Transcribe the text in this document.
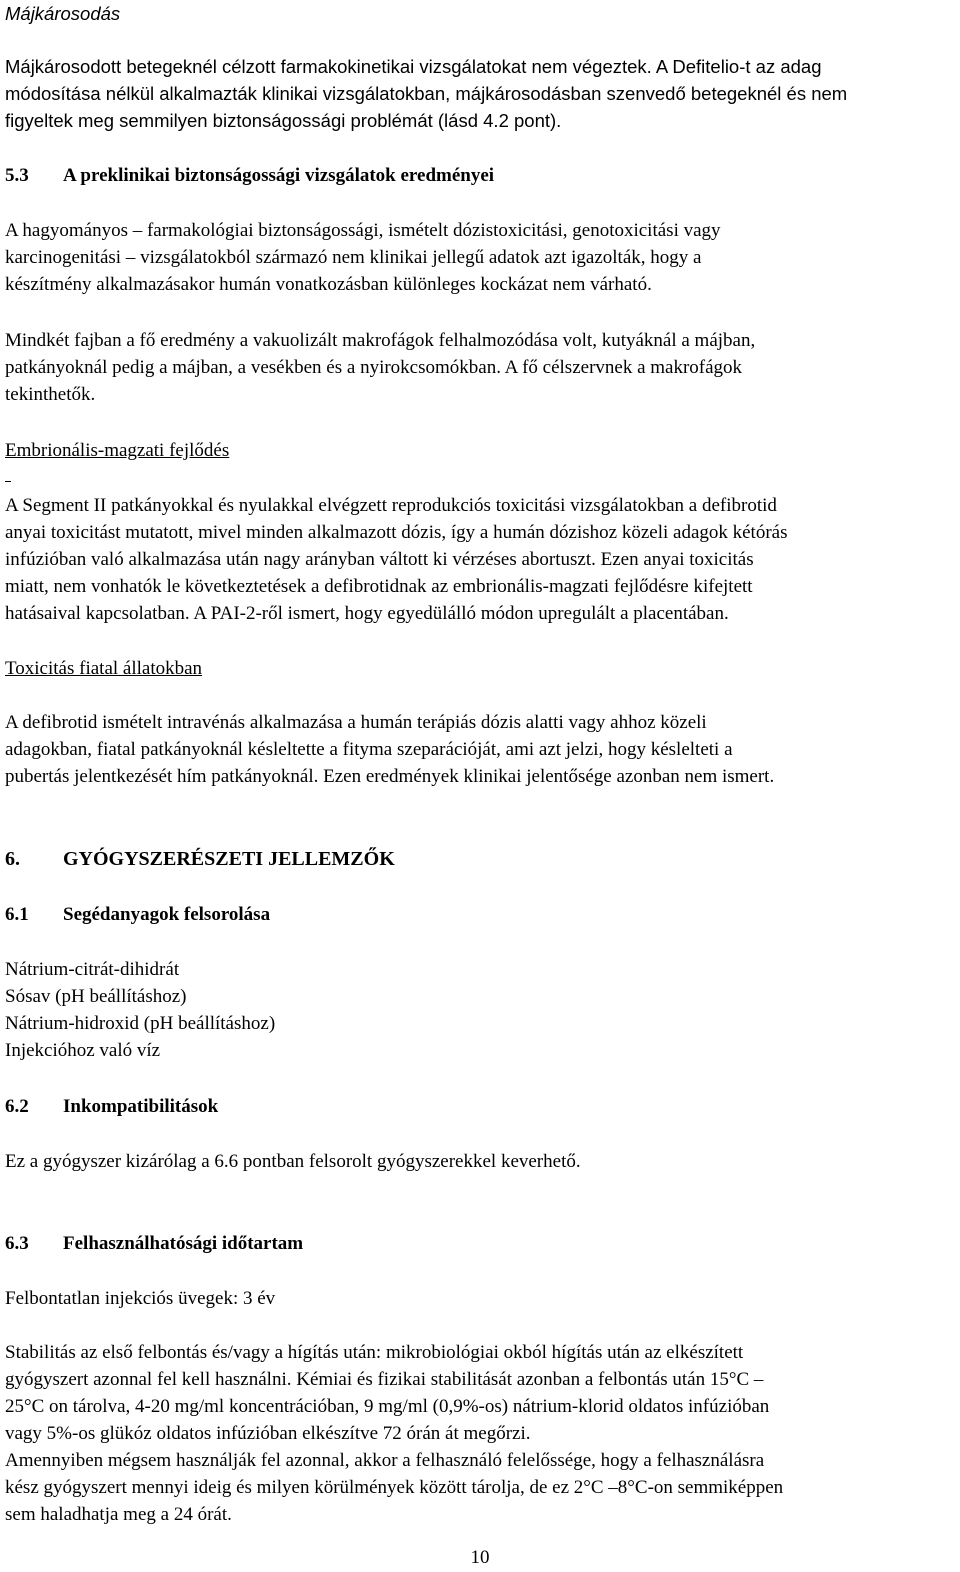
Májkárosodás
Májkárosodott betegeknél célzott farmakokinetikai vizsgálatokat nem végeztek. A Defitelio-t az adag
módosítása nélkül alkalmazták klinikai vizsgálatokban, májkárosodásban szenvedő betegeknél és nem
figyeltek meg semmilyen biztonságossági problémát (lásd 4.2 pont).
5.3 A preklinikai biztonságossági vizsgálatok eredményei
A hagyományos – farmakológiai biztonságossági, ismételt dózistoxicitási, genotoxicitási vagy
karcinogenitási – vizsgálatokból származó nem klinikai jellegű adatok azt igazolták, hogy a
készítmény alkalmazásakor humán vonatkozásban különleges kockázat nem várható.
Mindkét fajban a fő eredmény a vakuolizált makrofágok felhalmozódása volt, kutyáknál a májban,
patkányoknál pedig a májban, a vesékben és a nyirokcsomókban. A fő célszervnek a makrofágok
tekinthetők.
Embrionális-magzati fejlődés
A Segment II patkányokkal és nyulakkal elvégzett reprodukciós toxicitási vizsgálatokban a defibrotid
anyai toxicitást mutatott, mivel minden alkalmazott dózis, így a humán dózishoz közeli adagok kétórás
infúzióban való alkalmazása után nagy arányban váltott ki vérzéses abortuszt. Ezen anyai toxicitás
miatt, nem vonhatók le következtetések a defibrotidnak az embrionális-magzati fejlődésre kifejtett
hatásaival kapcsolatban. A PAI-2-ről ismert, hogy egyedülálló módon upregulált a placentában.
Toxicitás fiatal állatokban
A defibrotid ismételt intravénás alkalmazása a humán terápiás dózis alatti vagy ahhoz közeli
adagokban, fiatal patkányoknál késleltette a fityma szeparációját, ami azt jelzi, hogy késlelteti a
pubertás jelentkezését hím patkányoknál. Ezen eredmények klinikai jelentősége azonban nem ismert.
6. GYÓGYSZERÉSZETI JELLEMZŐK
6.1 Segédanyagok felsorolása
Nátrium-citrát-dihidrát
Sósav (pH beállításhoz)
Nátrium-hidroxid (pH beállításhoz)
Injekcióhoz való víz
6.2 Inkompatibilitások
Ez a gyógyszer kizárólag a 6.6 pontban felsorolt gyógyszerekkel keverhető.
6.3 Felhasználhatósági időtartam
Felbontatlan injekciós üvegek: 3 év
Stabilitás az első felbontás és/vagy a hígítás után: mikrobiológiai okból hígítás után az elkészített
gyógyszert azonnal fel kell használni. Kémiai és fizikai stabilitását azonban a felbontás után 15°C –
25°C on tárolva, 4-20 mg/ml koncentrációban, 9 mg/ml (0,9%-os) nátrium-klorid oldatos infúzióban
vagy 5%-os glükóz oldatos infúzióban elkészítve 72 órán át megőrzi.
Amennyiben mégsem használják fel azonnal, akkor a felhasználó felelőssége, hogy a felhasználásra
kész gyógyszert mennyi ideig és milyen körülmények között tárolja, de ez 2°C –8°C-on semmiképpen
sem haladhatja meg a 24 órát.
10
